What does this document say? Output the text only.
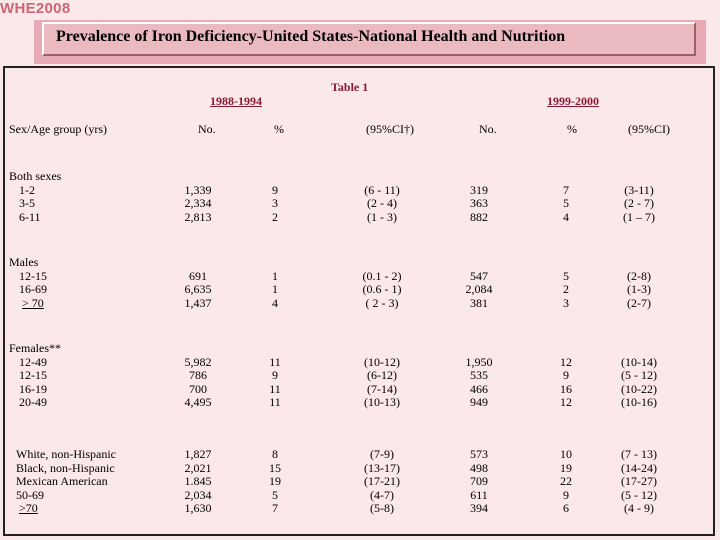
WHE2008
Prevalence of Iron Deficiency-United States-National Health and Nutrition
Table 1
1988-1994	1999-2000
Sex/Age group (yrs)	No.	%	(95%CI†)	No.	%	(95%CI)
Both sexes
1-2	1,339	9	(6 - 11)	319	7	(3-11)
3-5	2,334	3	(2 - 4)	363	5	(2 - 7)
6-11	2,813	2	(1 - 3)	882	4	(1 – 7)
Males
12-15	691	1	(0.1 - 2)	547	5	(2-8)
16-69	6,635	1	(0.6 - 1)	2,084	2	(1-3)
> 70	1,437	4	( 2 - 3)	381	3	(2-7)
Females**
12-49	5,982	11	(10-12)	1,950	12	(10-14)
12-15	786	9	(6-12)	535	9	(5 - 12)
16-19	700	11	(7-14)	466	16	(10-22)
20-49	4,495	11	(10-13)	949	12	(10-16)
White, non-Hispanic	1,827	8	(7-9)	573	10	(7 - 13)
Black, non-Hispanic	2,021	15	(13-17)	498	19	(14-24)
Mexican American	1.845	19	(17-21)	709	22	(17-27)
50-69	2,034	5	(4-7)	611	9	(5 - 12)
>70	1,630	7	(5-8)	394	6	(4 - 9)
